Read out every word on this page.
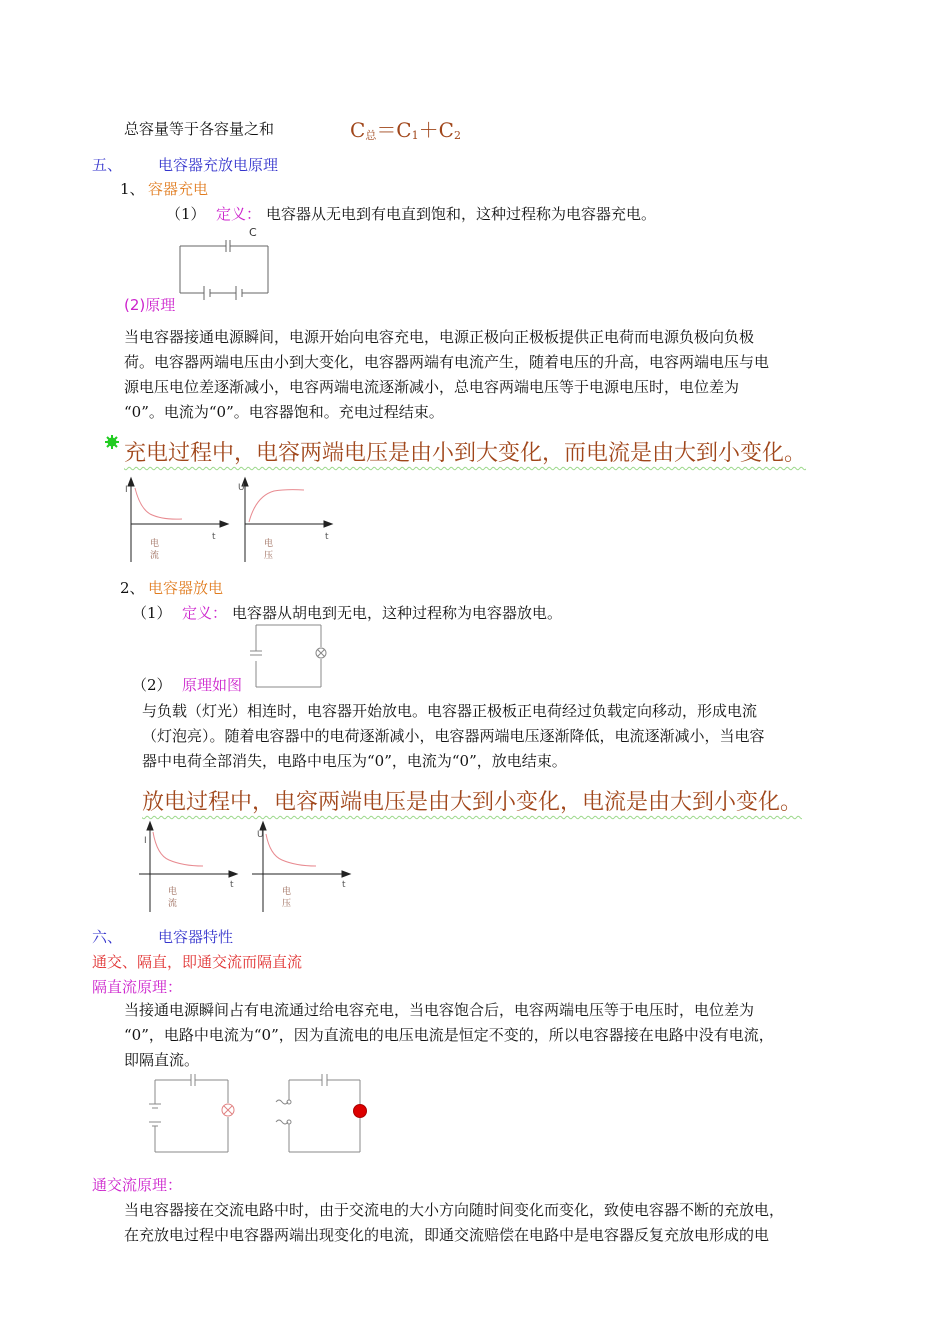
总容量等于各容量之和	C总＝C1＋C2
五、 电容器充放电原理
1、 容器充电
（1） 定义： 电容器从无电到有电直到饱和，这种过程称为电容器充电。
C
(2)原理
当电容器接通电源瞬间，电源开始向电容充电，电源正极向正极板提供正电荷而电源负极向负极
荷。电容器两端电压由小到大变化，电容器两端有电流产生，随着电压的升高，电容两端电压与电
源电压电位差逐渐减小，电容两端电流逐渐减小，总电容两端电压等于电源电压时，电位差为
“0”。电流为“0”。电容器饱和。充电过程结束。
充电过程中，电容两端电压是由小到大变化，而电流是由大到小变化。
I
t
电
流
U
t
电
压
2、 电容器放电
（1） 定义： 电容器从胡电到无电，这种过程称为电容器放电。
（2） 原理如图
与负载（灯光）相连时，电容器开始放电。电容器正极板正电荷经过负载定向移动，形成电流
（灯泡亮）。随着电容器中的电荷逐渐减小，电容器两端电压逐渐降低，电流逐渐减小，当电容
器中电荷全部消失，电路中电压为“0”，电流为“0”，放电结束。
放电过程中，电容两端电压是由大到小变化，电流是由大到小变化。
I
t
电
流
U
t
电
压
六、 电容器特性
通交、隔直，即通交流而隔直流
隔直流原理：
当接通电源瞬间占有电流通过给电容充电，当电容饱合后，电容两端电压等于电压时，电位差为
“0”，电路中电流为“0”，因为直流电的电压电流是恒定不变的，所以电容器接在电路中没有电流，
即隔直流。
通交流原理：
当电容器接在交流电路中时，由于交流电的大小方向随时间变化而变化，致使电容器不断的充放电，
在充放电过程中电容器两端出现变化的电流，即通交流赔偿在电路中是电容器反复充放电形成的电
